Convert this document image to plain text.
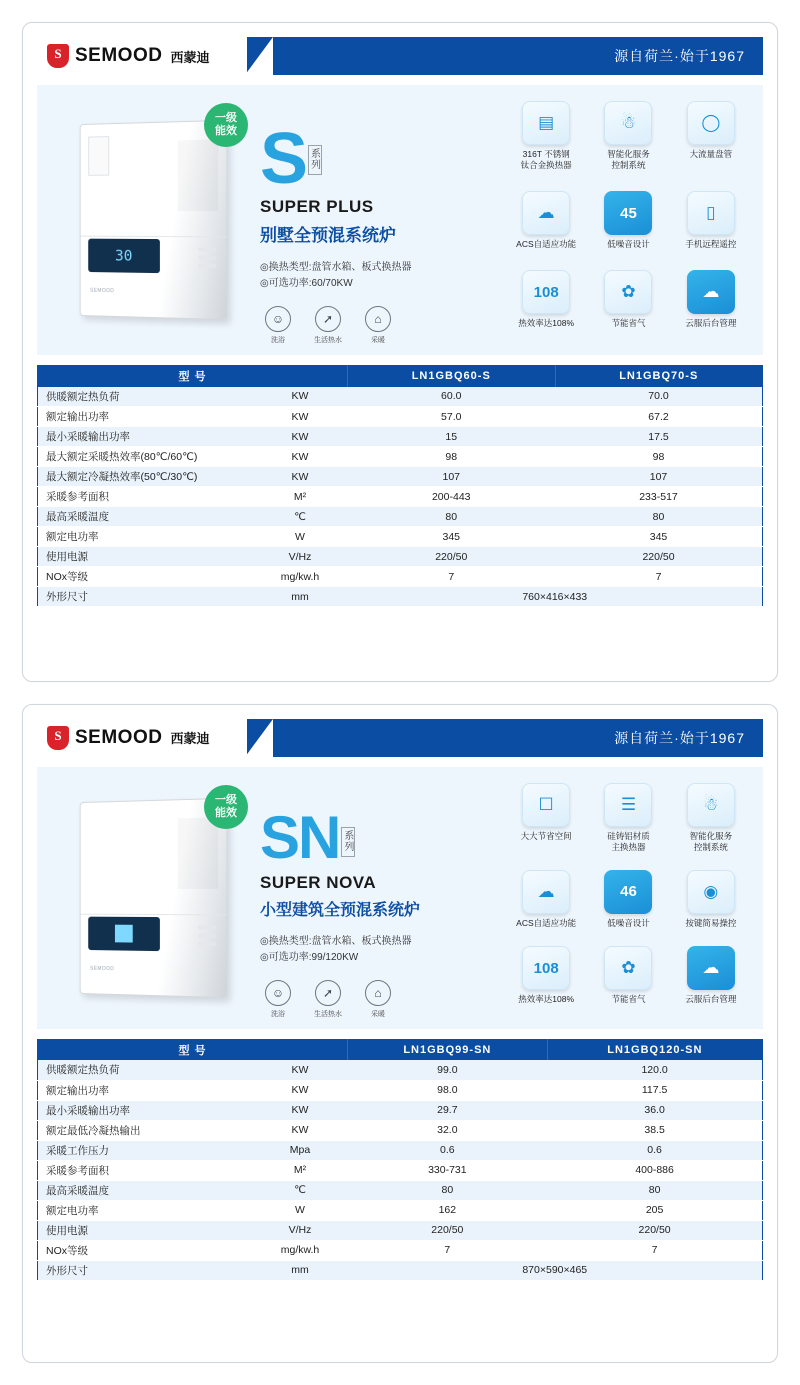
S
SEMOOD 西蒙迪	源自荷兰·始于1967
30
SEMOOD
一级
能效 S 系列
SUPER PLUS
别墅全预混系统炉
◎换热类型:盘管水箱、板式换热器
◎可选功率:60/70KW
☺
洗浴
➚
生活热水
⌂
采暖
▤
316T 不锈钢
钛合金换热器
☃
智能化服务
控制系统
◯
大流量盘管
☁
ACS自适应功能
45
低噪音设计
▯
手机远程遥控
108
热效率达108%
✿
节能省气
☁
云服后台管理
型 号		LN1GBQ60-S	LN1GBQ70-S
供暖额定热负荷	KW	60.0	70.0
额定输出功率	KW	57.0	67.2
最小采暖输出功率	KW	15	17.5
最大额定采暖热效率(80℃/60℃)	KW	98	98
最大额定冷凝热效率(50℃/30℃)	KW	107	107
采暖参考面积	M²	200-443	233-517
最高采暖温度	℃	80	80
额定电功率	W	345	345
使用电源	V/Hz	220/50	220/50
NOx等级	mg/kw.h	7	7
外形尺寸	mm	760×416×433	
S
SEMOOD 西蒙迪	源自荷兰·始于1967
██
SEMOOD
一级
能效 SN 系列
SUPER NOVA
小型建筑全预混系统炉
◎换热类型:盘管水箱、板式换热器
◎可选功率:99/120KW
☺
洗浴
➚
生活热水
⌂
采暖
☐
大大节省空间
☰
硅铸铝材质
主换热器
☃
智能化服务
控制系统
☁
ACS自适应功能
46
低噪音设计
◉
按键简易操控
108
热效率达108%
✿
节能省气
☁
云服后台管理
型 号		LN1GBQ99-SN	LN1GBQ120-SN
供暖额定热负荷	KW	99.0	120.0
额定输出功率	KW	98.0	117.5
最小采暖输出功率	KW	29.7	36.0
额定最低冷凝热输出	KW	32.0	38.5
采暖工作压力	Mpa	0.6	0.6
采暖参考面积	M²	330-731	400-886
最高采暖温度	℃	80	80
额定电功率	W	162	205
使用电源	V/Hz	220/50	220/50
NOx等级	mg/kw.h	7	7
外形尺寸	mm	870×590×465	
